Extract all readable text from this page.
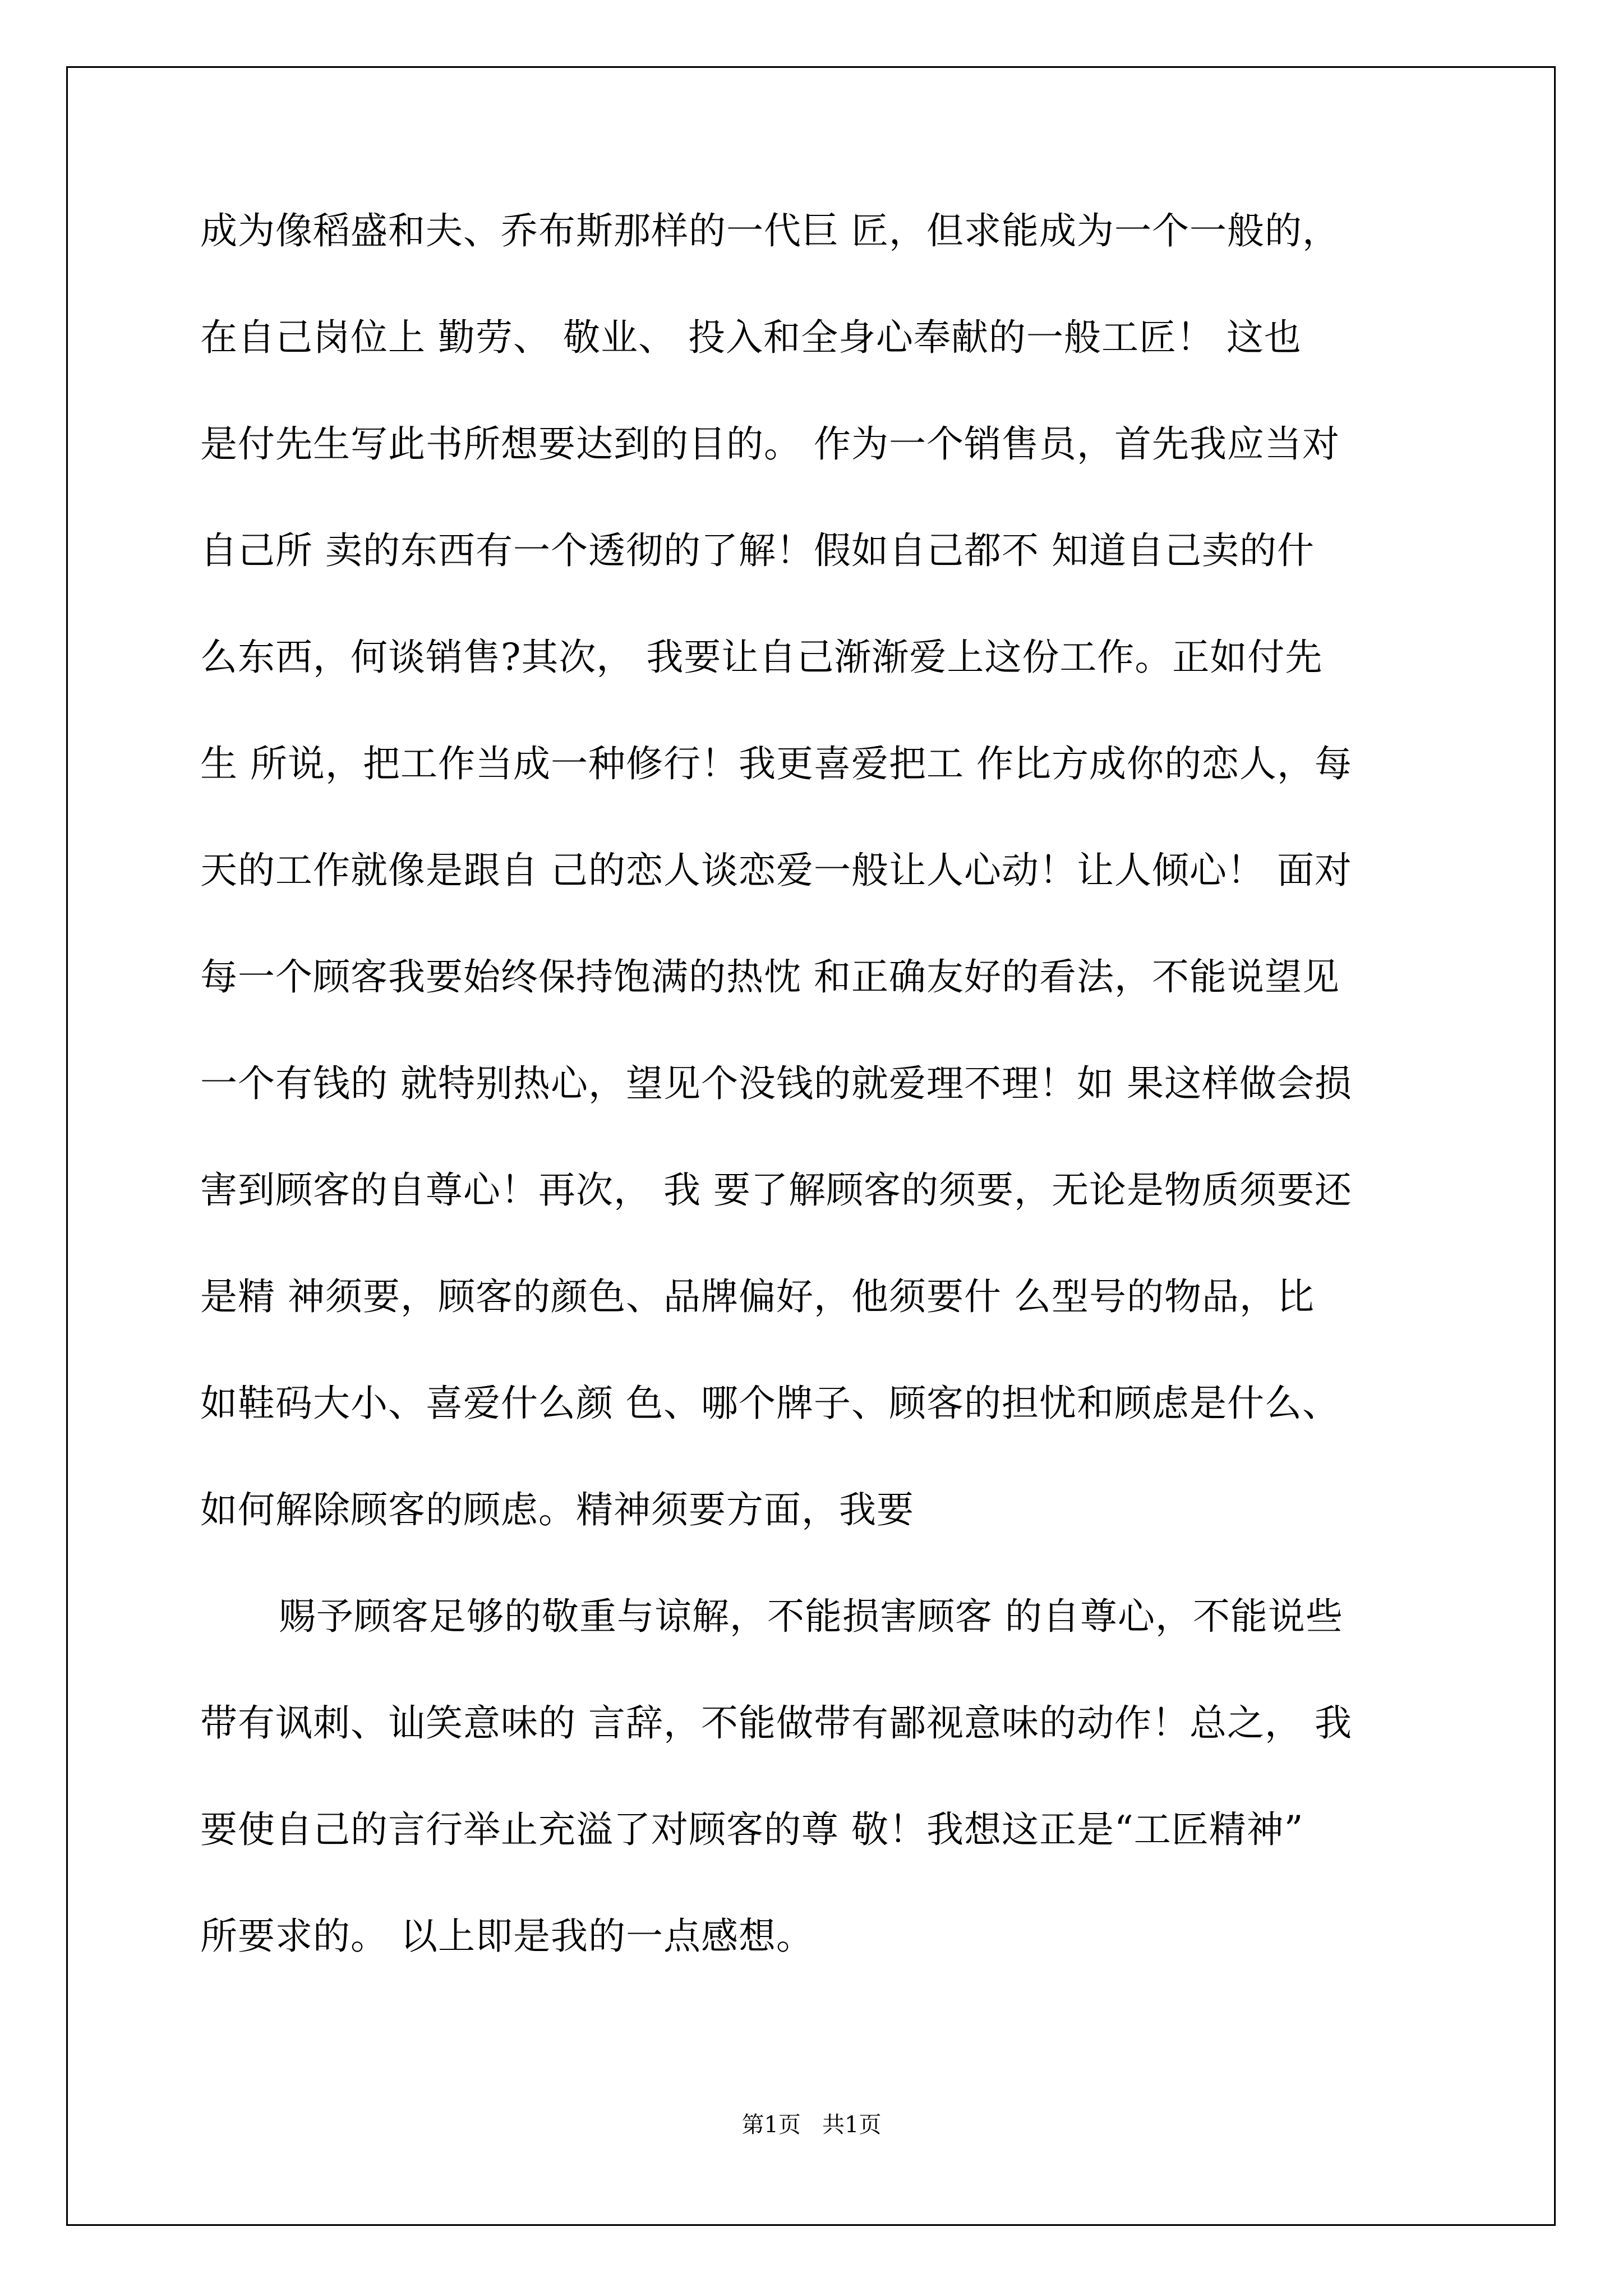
成为像稻盛和夫、乔布斯那样的一代巨 匠，但求能成为一个一般的，
在自己岗位上 勤劳、 敬业、 投入和全身心奉献的一般工匠！ 这也
是付先生写此书所想要达到的目的。 作为一个销售员，首先我应当对
自己所 卖的东西有一个透彻的了解！假如自己都不 知道自己卖的什
么东西，何谈销售?其次， 我要让自己渐渐爱上这份工作。正如付先
生 所说，把工作当成一种修行！我更喜爱把工 作比方成你的恋人，每
天的工作就像是跟自 己的恋人谈恋爱一般让人心动！让人倾心！ 面对
每一个顾客我要始终保持饱满的热忱 和正确友好的看法，不能说望见
一个有钱的 就特别热心，望见个没钱的就爱理不理！如 果这样做会损
害到顾客的自尊心！再次， 我 要了解顾客的须要，无论是物质须要还
是精 神须要，顾客的颜色、品牌偏好，他须要什 么型号的物品，比
如鞋码大小、喜爱什么颜 色、哪个牌子、顾客的担忧和顾虑是什么、
如何解除顾客的顾虑。精神须要方面，我要
赐予顾客足够的敬重与谅解，不能损害顾客 的自尊心，不能说些
带有讽刺、讪笑意味的 言辞，不能做带有鄙视意味的动作！总之， 我
要使自己的言行举止充溢了对顾客的尊 敬！我想这正是“工匠精神”
所要求的。 以上即是我的一点感想。
第1页   共1页
